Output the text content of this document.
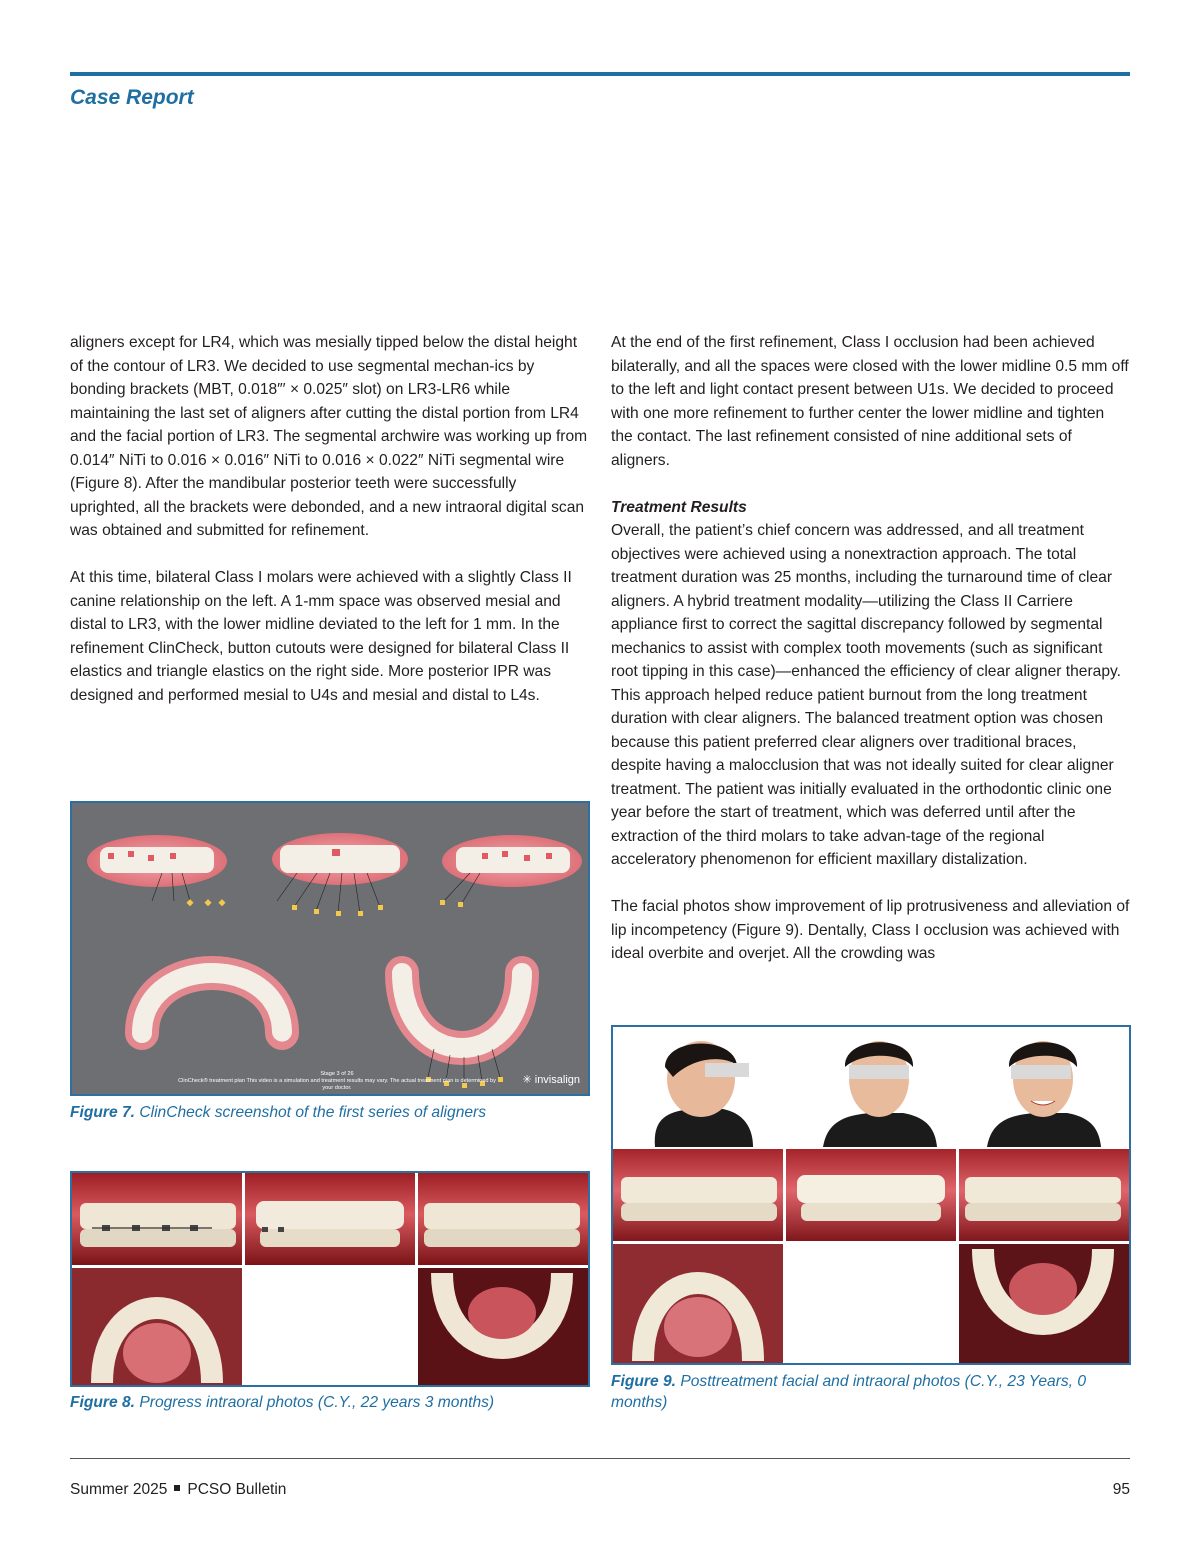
Case Report

aligners except for LR4, which was mesially tipped below the distal height of the contour of LR3. We decided to use segmental mechan-ics by bonding brackets (MBT, 0.018″′ × 0.025″ slot) on LR3-LR6 while maintaining the last set of aligners after cutting the distal portion from LR4 and the facial portion of LR3. The segmental archwire was working up from 0.014″ NiTi to 0.016 × 0.016″ NiTi to 0.016 × 0.022″ NiTi segmental wire (Figure 8). After the mandibular posterior teeth were successfully uprighted, all the brackets were debonded, and a new intraoral digital scan was obtained and submitted for refinement.

At this time, bilateral Class I molars were achieved with a slightly Class II canine relationship on the left. A 1-mm space was observed mesial and distal to LR3, with the lower midline deviated to the left for 1 mm. In the refinement ClinCheck, button cutouts were designed for bilateral Class II elastics and triangle elastics on the right side. More posterior IPR was designed and performed mesial to U4s and mesial and distal to L4s.

At the end of the first refinement, Class I occlusion had been achieved bilaterally, and all the spaces were closed with the lower midline 0.5 mm off to the left and light contact present between U1s. We decided to proceed with one more refinement to further center the lower midline and tighten the contact. The last refinement consisted of nine additional sets of aligners.

Treatment Results

Overall, the patient’s chief concern was addressed, and all treatment objectives were achieved using a nonextraction approach. The total treatment duration was 25 months, including the turnaround time of clear aligners. A hybrid treatment modality—utilizing the Class II Carriere appliance first to correct the sagittal discrepancy followed by segmental mechanics to assist with complex tooth movements (such as significant root tipping in this case)—enhanced the efficiency of clear aligner therapy. This approach helped reduce patient burnout from the long treatment duration with clear aligners. The balanced treatment option was chosen because this patient preferred clear aligners over traditional braces, despite having a malocclusion that was not ideally suited for clear aligner treatment. The patient was initially evaluated in the orthodontic clinic one year before the start of treatment, which was deferred until after the extraction of the third molars to take advan-tage of the regional acceleratory phenomenon for efficient maxillary distalization.

The facial photos show improvement of lip protrusiveness and alleviation of lip incompetency (Figure 9). Dentally, Class I occlusion was achieved with ideal overbite and overjet. All the crowding was

Stage 3 of 26
ClinCheck® treatment plan This video is a simulation and treatment results may vary. The actual treatment plan is determined by your doctor.
✳ invisalign
Figure 7. ClinCheck screenshot of the first series of aligners
Figure 8. Progress intraoral photos (C.Y., 22 years 3 months)
Figure 9. Posttreatment facial and intraoral photos (C.Y., 23 Years, 0 months)
Summer 2025 PCSO Bulletin	95
